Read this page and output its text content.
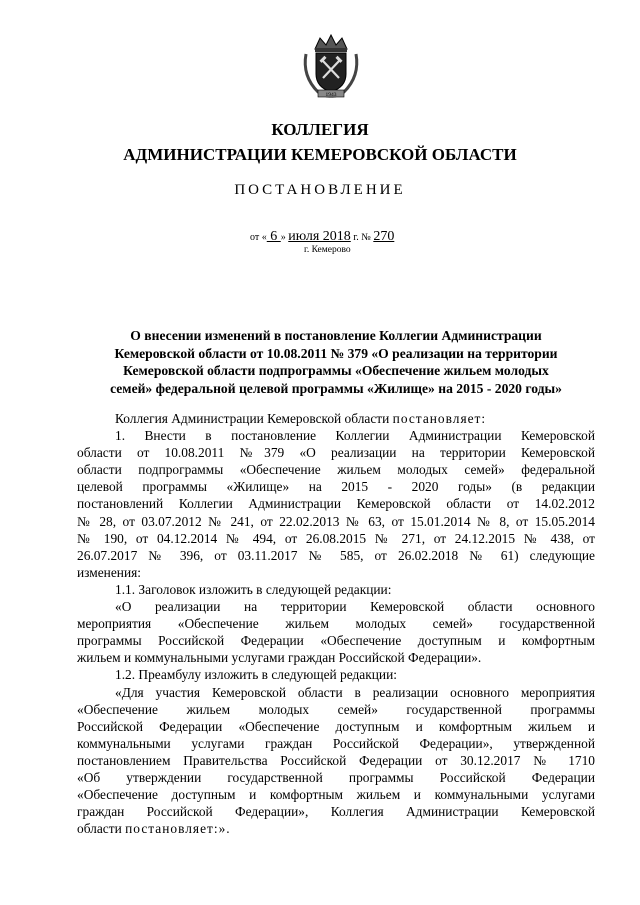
1943
КОЛЛЕГИЯ
АДМИНИСТРАЦИИ КЕМЕРОВСКОЙ ОБЛАСТИ
ПОСТАНОВЛЕНИЕ
от « 6 » июля 2018 г. № 270
г. Кемерово
О внесении изменений в постановление Коллегии Администрации
Кемеровской области от 10.08.2011 № 379 «О реализации на территории
Кемеровской области подпрограммы «Обеспечение жильем молодых
семей» федеральной целевой программы «Жилище» на 2015 - 2020 годы»

Коллегия Администрации Кемеровской области постановляет:

1. Внести в постановление Коллегии Администрации Кемеровской

области от 10.08.2011 №379 «О реализации на территории Кемеровской

области подпрограммы «Обеспечение жильем молодых семей» федеральной

целевой программы «Жилище» на 2015 - 2020 годы» (в редакции

постановлений Коллегии Администрации Кемеровской области от 14.02.2012

№ 28, от 03.07.2012 № 241, от 22.02.2013 № 63, от 15.01.2014 № 8, от 15.05.2014

№ 190, от 04.12.2014 № 494, от 26.08.2015 № 271, от 24.12.2015 № 438, от

26.07.2017 № 396, от 03.11.2017 № 585, от 26.02.2018 № 61) следующие

изменения:

1.1. Заголовок изложить в следующей редакции:

«О реализации на территории Кемеровской области основного

мероприятия «Обеспечение жильем молодых семей» государственной

программы Российской Федерации «Обеспечение доступным и комфортным

жильем и коммунальными услугами граждан Российской Федерации».

1.2. Преамбулу изложить в следующей редакции:

«Для участия Кемеровской области в реализации основного мероприятия

«Обеспечение жильем молодых семей» государственной программы

Российской Федерации «Обеспечение доступным и комфортным жильем и

коммунальными услугами граждан Российской Федерации», утвержденной

постановлением Правительства Российской Федерации от 30.12.2017 № 1710

«Об утверждении государственной программы Российской Федерации

«Обеспечение доступным и комфортным жильем и коммунальными услугами

граждан Российской Федерации», Коллегия Администрации Кемеровской

области постановляет:».
